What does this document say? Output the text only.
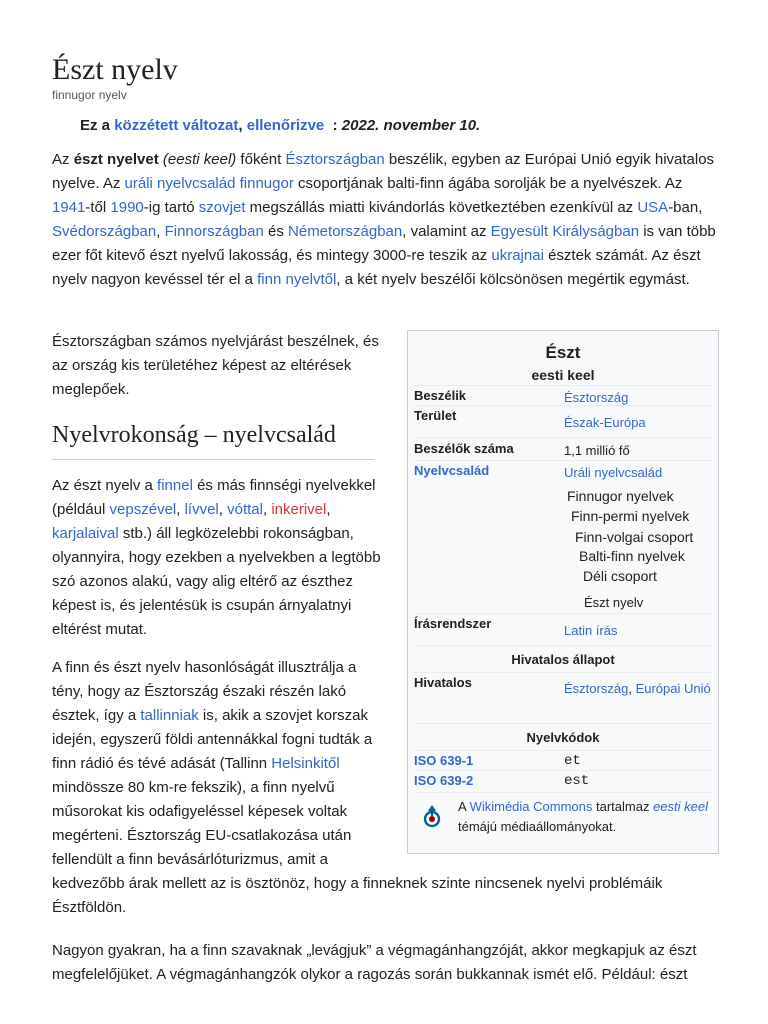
Észt nyelv
finnugor nyelv
Ez a közzétett változat, ellenőrizve : 2022. november 10.

Az észt nyelvet (eesti keel) főként Észtországban beszélik, egyben az Európai Unió egyik hivatalos nyelve. Az uráli nyelvcsalád finnugor csoportjának balti-finn ágába sorolják be a nyelvészek. Az 1941-től 1990-ig tartó szovjet megszállás miatti kivándorlás következtében ezenkívül az USA-ban, Svédországban, Finnországban és Németországban, valamint az Egyesült Királyságban is van több ezer főt kitevő észt nyelvű lakosság, és mintegy 3000-re teszik az ukrajnai észtek számát. Az észt nyelv nagyon kevéssel tér el a finn nyelvtől, a két nyelv beszélői kölcsönösen megértik egymást.

Észtországban számos nyelvjárást beszélnek, és az ország kis területéhez képest az eltérések meglepőek.

Nyelvrokonság – nyelvcsalád

Az észt nyelv a finnel és más finnségi nyelvekkel (például vepszével, lívvel, vóttal, inkerivel, karjalaival stb.) áll legközelebbi rokonságban, olyannyira, hogy ezekben a nyelvekben a legtöbb szó azonos alakú, vagy alig eltérő az észthez képest is, és jelentésük is csupán árnyalatnyi eltérést mutat.

A finn és észt nyelv hasonlóságát illusztrálja a tény, hogy az Észtország északi részén lakó észtek, így a tallinniak is, akik a szovjet korszak idején, egyszerű földi antennákkal fogni tudták a finn rádió és tévé adását (Tallinn Helsinkitől mindössze 80 km-re fekszik), a finn nyelvű műsorokat kis odafigyeléssel képesek voltak megérteni. Észtország EU-csatlakozása után fellendült a finn bevásárlóturizmus, amit a

kedvezőbb árak mellett az is ösztönöz, hogy a finneknek szinte nincsenek nyelvi problémáik Észtföldön.

Nagyon gyakran, ha a finn szavaknak „levágjuk” a végmagánhangzóját, akkor megkapjuk az észt megfelelőjüket. A végmagánhangzók olykor a ragozás során bukkannak ismét elő. Például: észt

Észt
eesti keel
Beszélik	Észtország
Terület	Észak-Európa
Beszélők száma	1,1 millió fő
Nyelvcsalád	Uráli nyelvcsalád
Finnugor nyelvek
Finn-permi nyelvek
Finn-volgai csoport
Balti-finn nyelvek
Déli csoport
Észt nyelv
Írásrendszer	Latin írás
Hivatalos állapot
Hivatalos	Észtország, Európai Unió
Nyelvkódok
ISO 639-1	et
ISO 639-2	est
A Wikimédia Commons tartalmaz eesti keel témájú médiaállományokat.
